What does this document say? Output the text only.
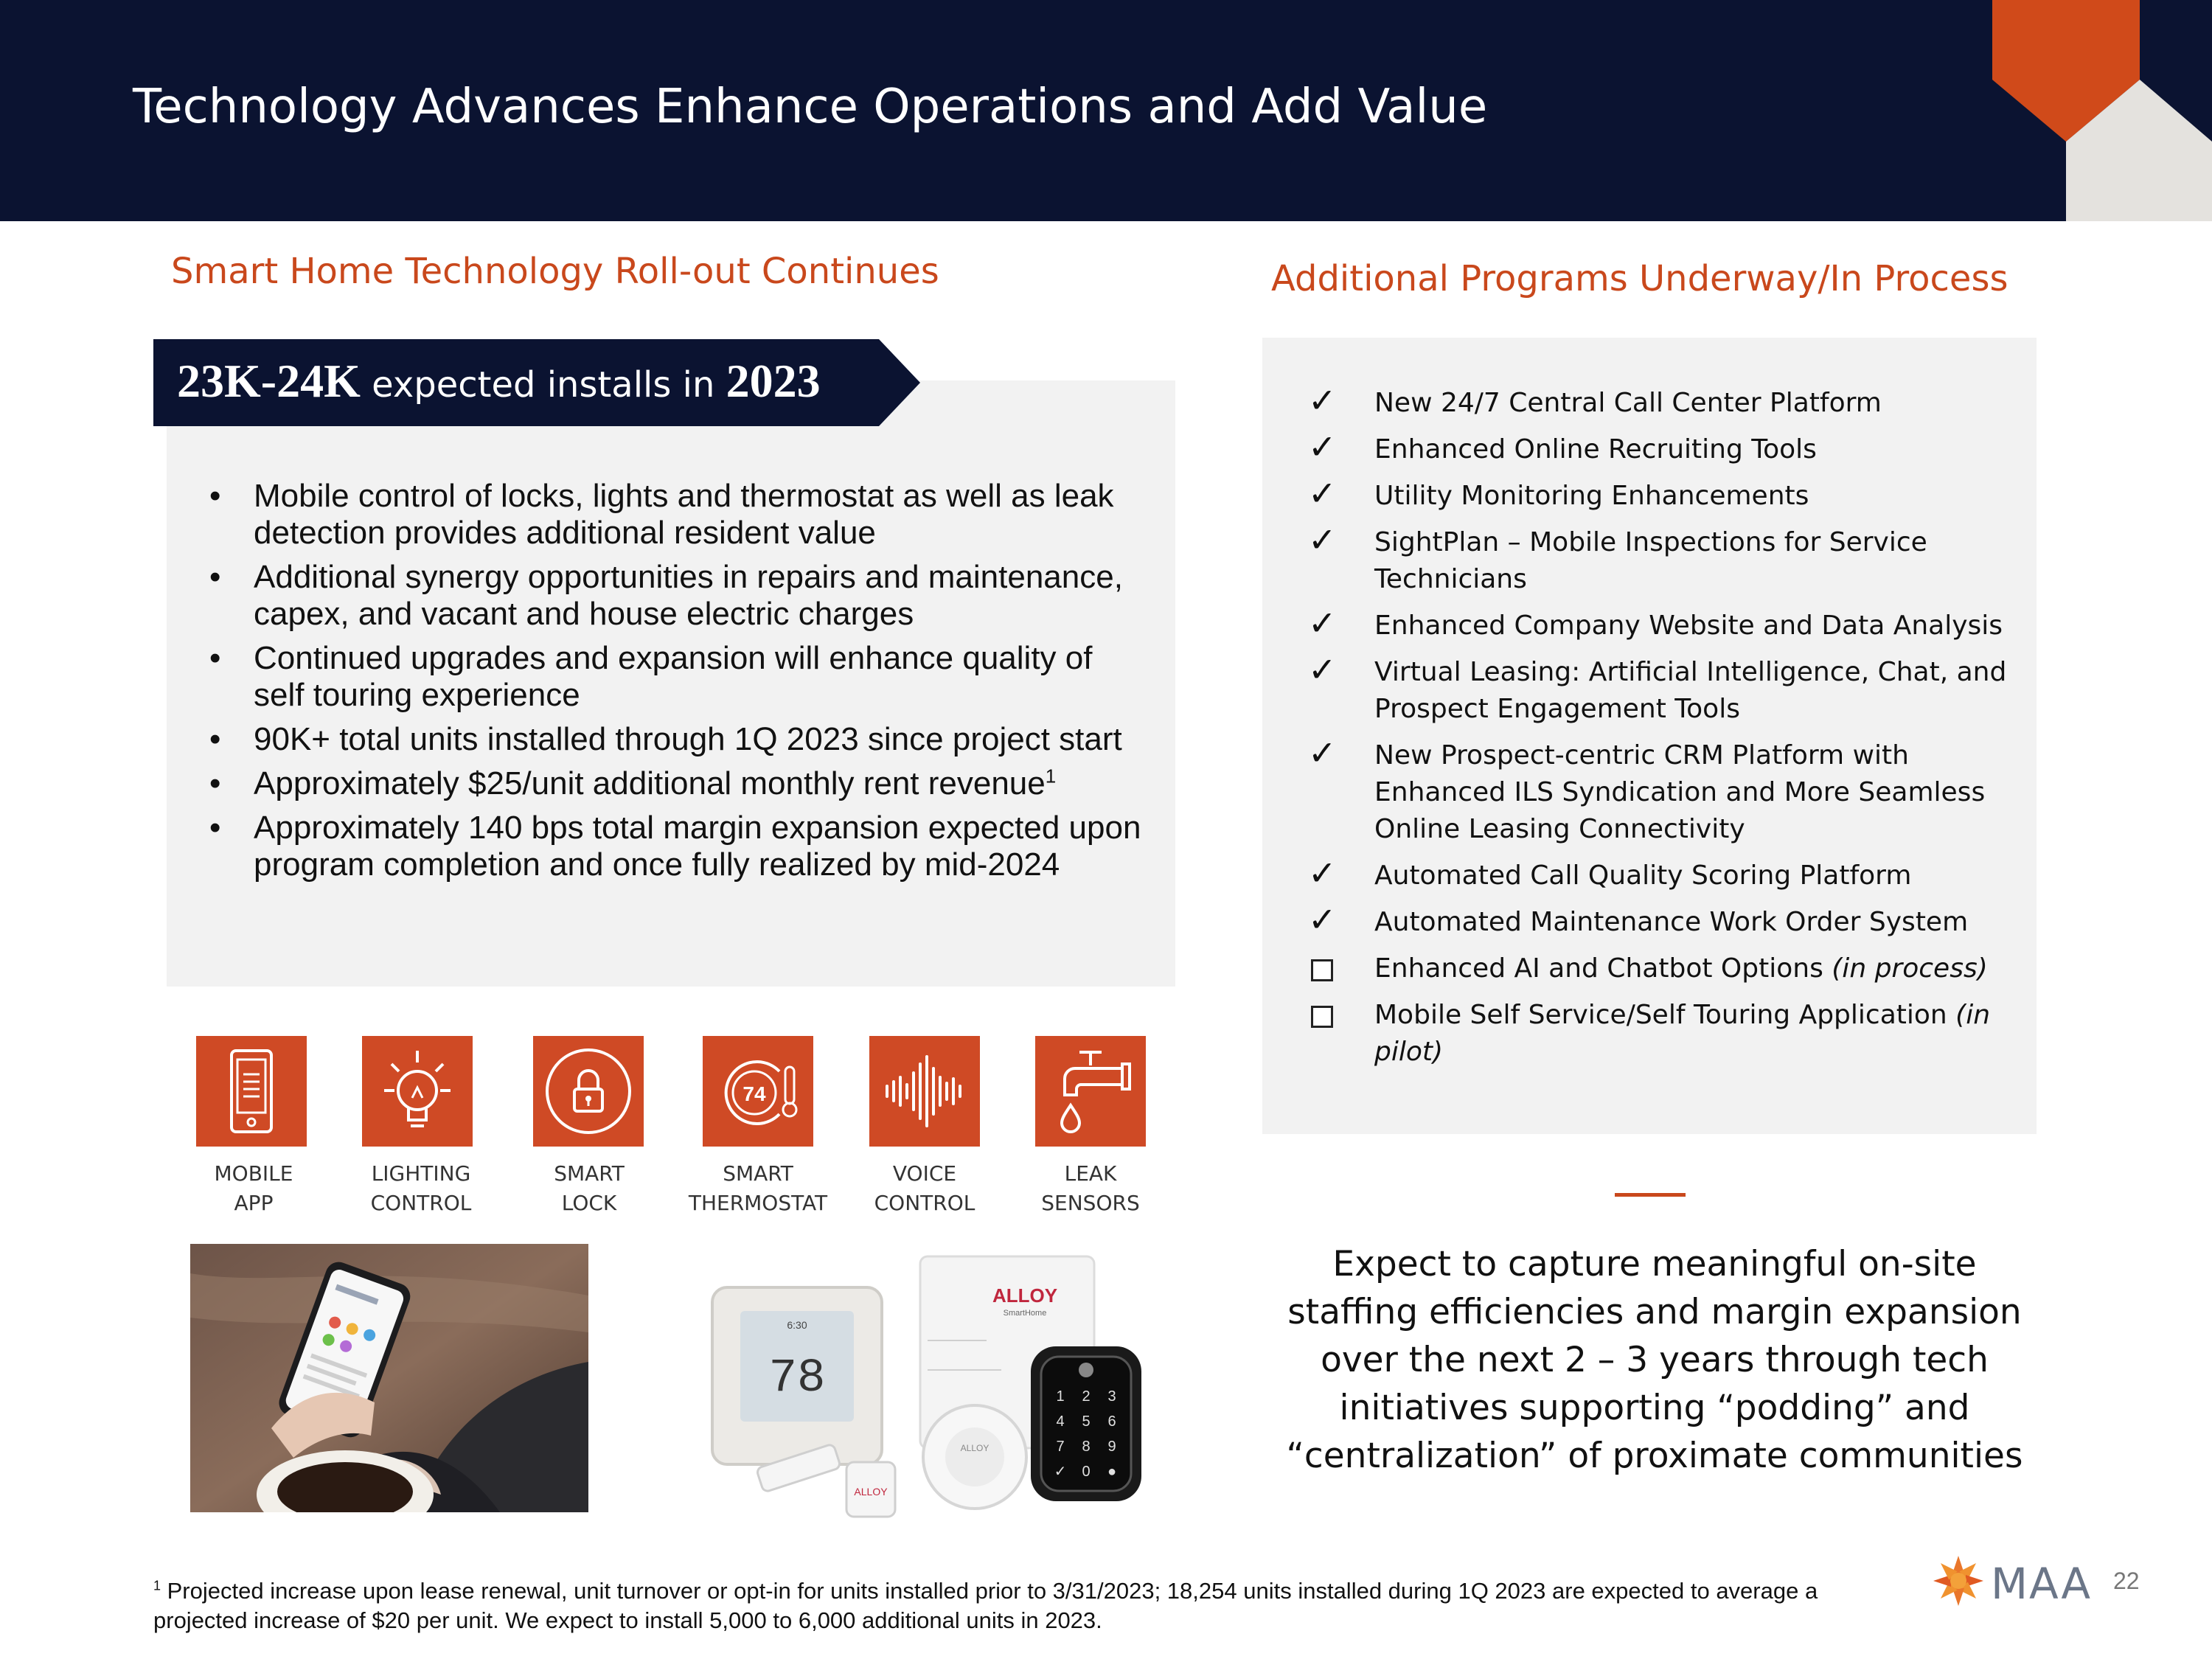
Technology Advances Enhance Operations and Add Value
Smart Home Technology Roll-out Continues
23K-24K expected installs in 2023
• Mobile control of locks, lights and thermostat as well as leak detection provides additional resident value
• Additional synergy opportunities in repairs and maintenance, capex, and vacant and house electric charges
• Continued upgrades and expansion will enhance quality of self touring experience
• 90K+ total units installed through 1Q 2023 since project start
• Approximately $25/unit additional monthly rent revenue$^1$
• Approximately 140 bps total margin expansion expected upon program completion and once fully realized by mid-2024
74
MOBILE
APP
LIGHTING
CONTROL
SMART
LOCK
SMART
THERMOSTAT
VOICE
CONTROL
LEAK
SENSORS
ALLOY
SmartHome
6:30
78
ALLOY
ALLOY
1 2 3
4 5 6
7 8 9
✓ 0 ●
Additional Programs Underway/In Process
✓ New 24/7 Central Call Center Platform
✓ Enhanced Online Recruiting Tools
✓ Utility Monitoring Enhancements
✓ SightPlan – Mobile Inspections for Service Technicians
✓ Enhanced Company Website and Data Analysis
✓ Virtual Leasing: Artificial Intelligence, Chat, and Prospect Engagement Tools
✓ New Prospect-centric CRM Platform with Enhanced ILS Syndication and More Seamless Online Leasing Connectivity
✓ Automated Call Quality Scoring Platform
✓ Automated Maintenance Work Order System
Enhanced AI and Chatbot Options (in process)
Mobile Self Service/Self Touring Application (in pilot)
Expect to capture meaningful on-site staffing efficiencies and margin expansion over the next 2 – 3 years through tech initiatives supporting “podding” and “centralization” of proximate communities
$^1$ Projected increase upon lease renewal, unit turnover or opt-in for units installed prior to 3/31/2023; 18,254 units installed during 1Q 2023 are expected to average a projected increase of $20 per unit. We expect to install 5,000 to 6,000 additional units in 2023.
MAA 22
